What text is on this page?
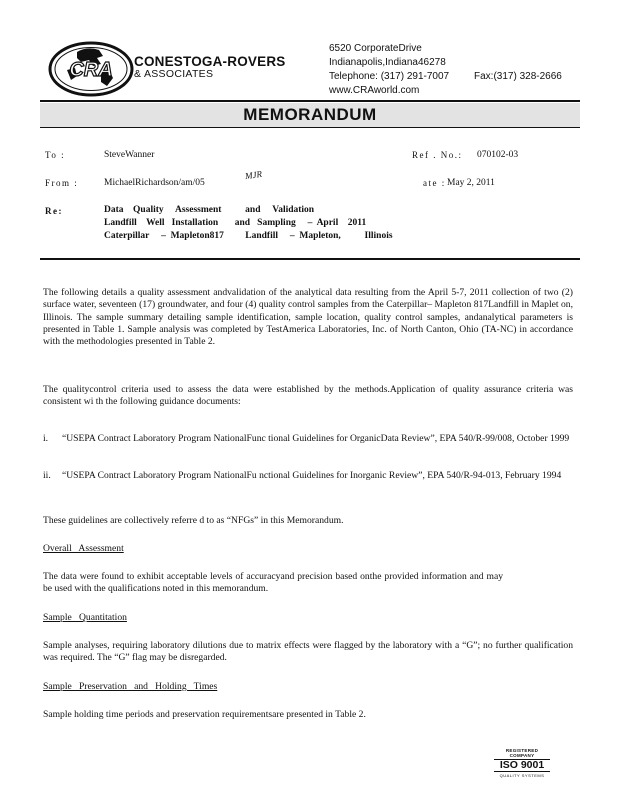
CRA CONESTOGA-ROVERS
& ASSOCIATES
6520 CorporateDrive
Indianapolis,Indiana46278
Telephone: (317) 291-7007 Fax:(317) 328-2666
www.CRAworld.com
MEMORANDUM
To :	SteveWanner	Ref . No.: 070102-03
From :	MichaelRichardson/am/05
MJR
ate : May 2, 2011
Re:	Data    Quality     Assessment          and     Validation
Landfill    Well   Installation       and   Sampling     –  April    2011
Caterpillar     –  Mapleton817         Landfill     –  Mapleton,          Illinois
The following details a quality assessment andvalidation of the analytical data resulting from the April 5-7, 2011 collection of two (2) surface water, seventeen (17) groundwater, and four (4) quality control samples from the Caterpillar– Mapleton 817Landfill in Maplet on, Illinois. The sample summary detailing sample identification, sample location, quality control samples, andanalytical parameters is presented in Table 1. Sample analysis was completed by TestAmerica Laboratories, Inc. of North Canton, Ohio (TA-NC) in accordance with the methodologies presented in Table 2.
The qualitycontrol criteria used to assess the data were established by the methods.Application of quality assurance criteria was consistent wi th the following guidance documents:
i. “USEPA Contract Laboratory Program NationalFunc tional Guidelines for OrganicData Review”, EPA 540/R-99/008, October 1999
ii. “USEPA Contract Laboratory Program NationalFu nctional Guidelines for Inorganic Review”, EPA 540/R-94-013, February 1994
These guidelines are collectively referre d to as “NFGs” in this Memorandum.
Overall   Assessment
The data were found to exhibit acceptable levels of accuracyand precision based onthe provided information and may be used with the qualifications noted in this memorandum.
Sample   Quantitation
Sample analyses, requiring laboratory dilutions due to matrix effects were flagged by the laboratory with a “G”; no further qualification was required. The “G” flag may be disregarded.
Sample   Preservation   and   Holding   Times
Sample holding time periods and preservation requirementsare presented in Table 2.
REGISTERED COMPANY
ISO 9001
QUALITY SYSTEMS
